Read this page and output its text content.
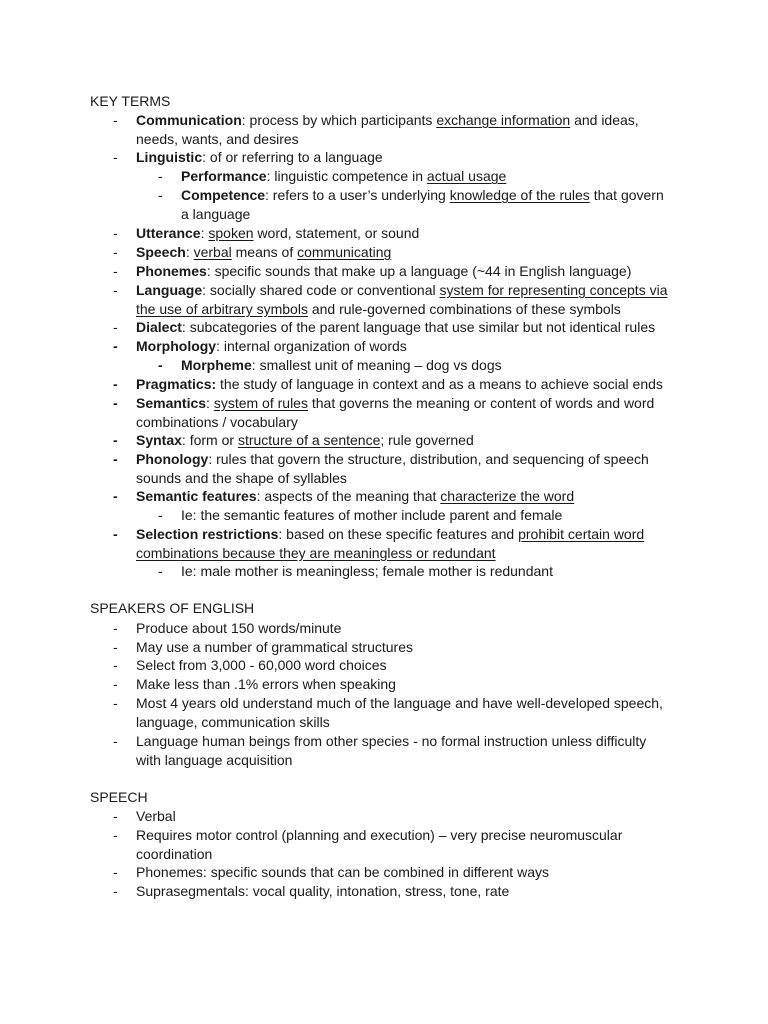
KEY TERMS
SPEAKERS OF ENGLISH
SPEECH
- Communication: process by which participants exchange information and ideas, needs, wants, and desires
- Linguistic: of or referring to a language
- Performance: linguistic competence in actual usage
- Competence: refers to a user’s underlying knowledge of the rules that govern a language
- Utterance: spoken word, statement, or sound
- Speech: verbal means of communicating
- Phonemes: specific sounds that make up a language (~44 in English language)
- Language: socially shared code or conventional system for representing concepts via the use of arbitrary symbols and rule-governed combinations of these symbols
- Dialect: subcategories of the parent language that use similar but not identical rules
- Morphology: internal organization of words
- Morpheme: smallest unit of meaning – dog vs dogs
- Pragmatics: the study of language in context and as a means to achieve social ends
- Semantics: system of rules that governs the meaning or content of words and word combinations / vocabulary
- Syntax: form or structure of a sentence; rule governed
- Phonology: rules that govern the structure, distribution, and sequencing of speech sounds and the shape of syllables
- Semantic features: aspects of the meaning that characterize the word
- Ie: the semantic features of mother include parent and female
- Selection restrictions: based on these specific features and prohibit certain word combinations because they are meaningless or redundant
- Ie: male mother is meaningless; female mother is redundant
- Produce about 150 words/minute
- May use a number of grammatical structures
- Select from 3,000 - 60,000 word choices
- Make less than .1% errors when speaking
- Most 4 years old understand much of the language and have well-developed speech, language, communication skills
- Language human beings from other species - no formal instruction unless difficulty with language acquisition
- Verbal
- Requires motor control (planning and execution) – very precise neuromuscular coordination
- Phonemes: specific sounds that can be combined in different ways
- Suprasegmentals: vocal quality, intonation, stress, tone, rate
